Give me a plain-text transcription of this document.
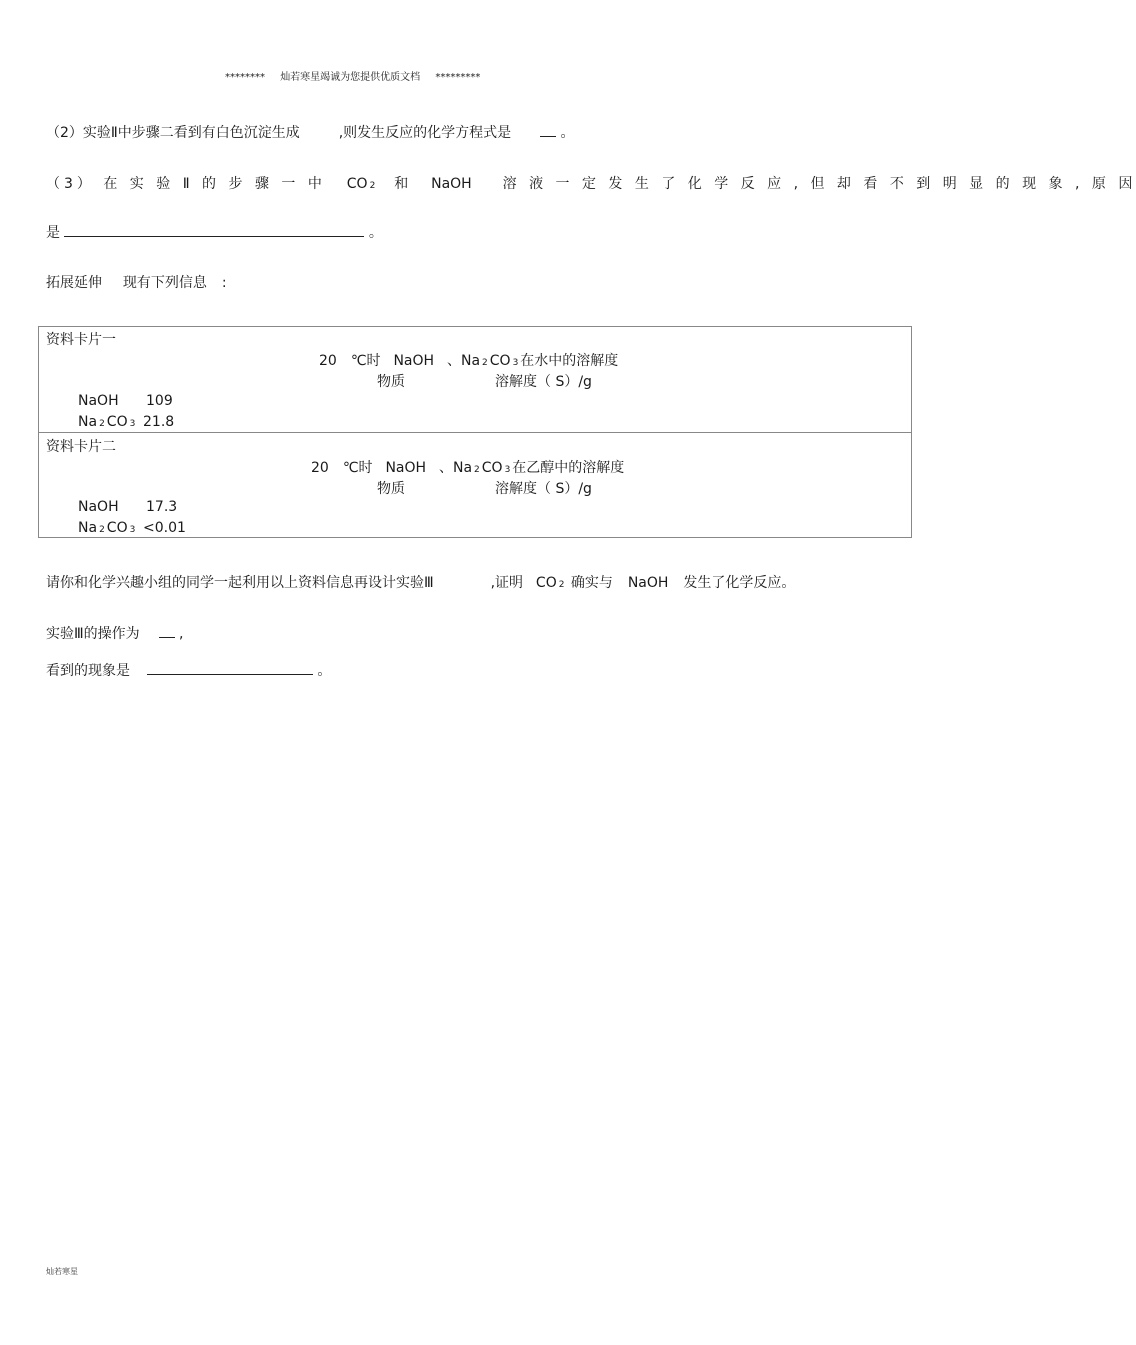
******** 灿若寒星竭诚为您提供优质文档 *********
（2）实验Ⅱ中步骤二看到有白色沉淀生成	,则发生反应的化学方程式是	。
（3） 在 实 验 Ⅱ 的 步 骤 一 中 CO 2 和 NaOH 溶 液 一 定 发 生 了 化 学 反 应 , 但 却 看 不 到 明 显 的 现 象 , 原 因
是	。
拓展延伸 现有下列信息 :
资料卡片一
20　℃时 NaOH 、Na 2 CO 3 在水中的溶解度
物质	溶解度（ S）/g
NaOH 109
Na 2 CO 3 21.8
资料卡片二
20　℃时 NaOH 、Na 2 CO 3 在乙醇中的溶解度
物质	溶解度（ S）/g
NaOH 17.3
Na 2 CO 3 <0.01
请你和化学兴趣小组的同学一起利用以上资料信息再设计实验Ⅲ	,证明 CO 2 确实与 NaOH 发生了化学反应。
实验Ⅲ的操作为	,
看到的现象是	。
灿若寒星
